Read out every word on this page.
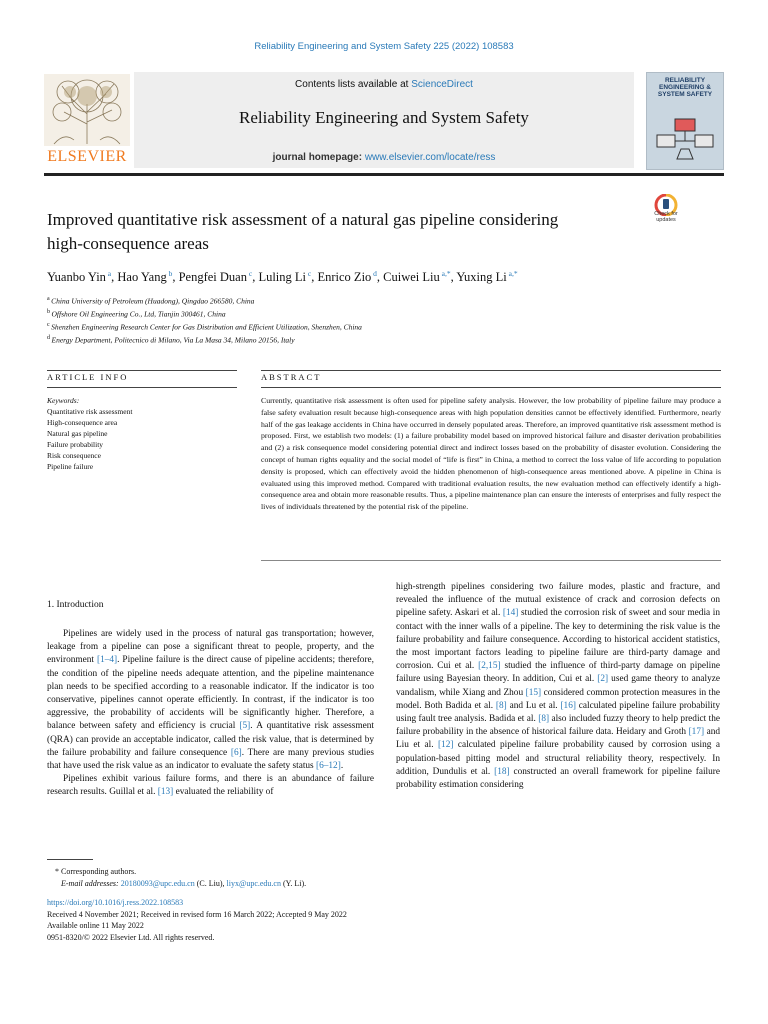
Reliability Engineering and System Safety 225 (2022) 108583
Contents lists available at ScienceDirect
Reliability Engineering and System Safety
journal homepage: www.elsevier.com/locate/ress
ELSEVIER
RELIABILITY ENGINEERING & SYSTEM SAFETY
Improved quantitative risk assessment of a natural gas pipeline considering
high-consequence areas
Check for updates
Yuanbo Yin $^a$, Hao Yang $^b$, Pengfei Duan $^c$, Luling Li $^c$, Enrico Zio $^d$, Cuiwei Liu $^{a,*}$, Yuxing Li $^{a,*}$
$^a$ China University of Petroleum (Huadong), Qingdao 266580, China
$^b$ Offshore Oil Engineering Co., Ltd, Tianjin 300461, China
$^c$ Shenzhen Engineering Research Center for Gas Distribution and Efficient Utilization, Shenzhen, China
$^d$ Energy Department, Politecnico di Milano, Via La Masa 34, Milano 20156, Italy
ARTICLE INFO
Keywords:
Quantitative risk assessment
High-consequence area
Natural gas pipeline
Failure probability
Risk consequence
Pipeline failure
ABSTRACT
Currently, quantitative risk assessment is often used for pipeline safety analysis. However, the low probability of pipeline failure may produce a false safety evaluation result because high-consequence areas with high population densities cannot be effectively identified. Furthermore, nearly half of the gas leakage accidents in China have occurred in densely populated areas. Therefore, an improved quantitative risk assessment method is proposed. First, we establish two models: (1) a failure probability model based on improved historical failure and disaster derivation probabilities and (2) a risk consequence model considering potential direct and indirect losses based on the probability of disaster evolution. Considering the concept of human rights equality and the social model of “life is first” in China, a method to correct the loss value of life according to population density is proposed, which can effectively avoid the hidden phenomenon of high-consequence areas mentioned above. A pipeline in China is evaluated using this improved method. Compared with traditional evaluation results, the new evaluation method can effectively identify a high-consequence area and obtain more reasonable results. Thus, a pipeline maintenance plan can ensure the interests of enterprises and fully respect the lives of individuals threatened by the potential risk of the pipeline.
1. Introduction

Pipelines are widely used in the process of natural gas transportation; however, leakage from a pipeline can pose a significant threat to people, property, and the environment [1–4]. Pipeline failure is the direct cause of pipeline accidents; therefore, the condition of the pipeline needs adequate attention, and the pipeline maintenance plan needs to be specified according to a reasonable indicator. If the indicator is too conservative, pipelines cannot operate efficiently. In contrast, if the indicator is too aggressive, the probability of accidents will be significantly higher. Therefore, a balance between safety and efficiency is crucial [5]. A quantitative risk assessment (QRA) can provide an acceptable indicator, called the risk value, that is determined by the failure probability and failure consequence [6]. There are many previous studies that have used the risk value as an indicator to evaluate the safety status [6–12].

Pipelines exhibit various failure forms, and there is an abundance of failure research results. Guillal et al. [13] evaluated the reliability of

high-strength pipelines considering two failure modes, plastic and fracture, and revealed the influence of the mutual existence of crack and corrosion defects on pipeline safety. Askari et al. [14] studied the corrosion risk of sweet and sour media in contact with the inner walls of a pipeline. The key to determining the risk value is the failure probability and failure consequence. According to historical accident statistics, the most important factors leading to pipeline failure are third-party damage and corrosion. Cui et al. [2,15] studied the influence of third-party damage on pipeline failure using Bayesian theory. In addition, Cui et al. [2] used game theory to analyze vandalism, while Xiang and Zhou [15] considered common protection measures in the model. Both Badida et al. [8] and Lu et al. [16] calculated pipeline failure probability using fault tree analysis. Badida et al. [8] also included fuzzy theory to help predict the failure probability in the absence of historical failure data. Heidary and Groth [17] and Liu et al. [12] calculated pipeline failure probability caused by corrosion using a population-based pitting model and structural reliability theory, respectively. In addition, Dundulis et al. [18] constructed an overall framework for pipeline failure probability estimation considering

* Corresponding authors.
E-mail addresses: 20180093@upc.edu.cn (C. Liu), liyx@upc.edu.cn (Y. Li).
https://doi.org/10.1016/j.ress.2022.108583
Received 4 November 2021; Received in revised form 16 March 2022; Accepted 9 May 2022
Available online 11 May 2022
0951-8320/© 2022 Elsevier Ltd. All rights reserved.
